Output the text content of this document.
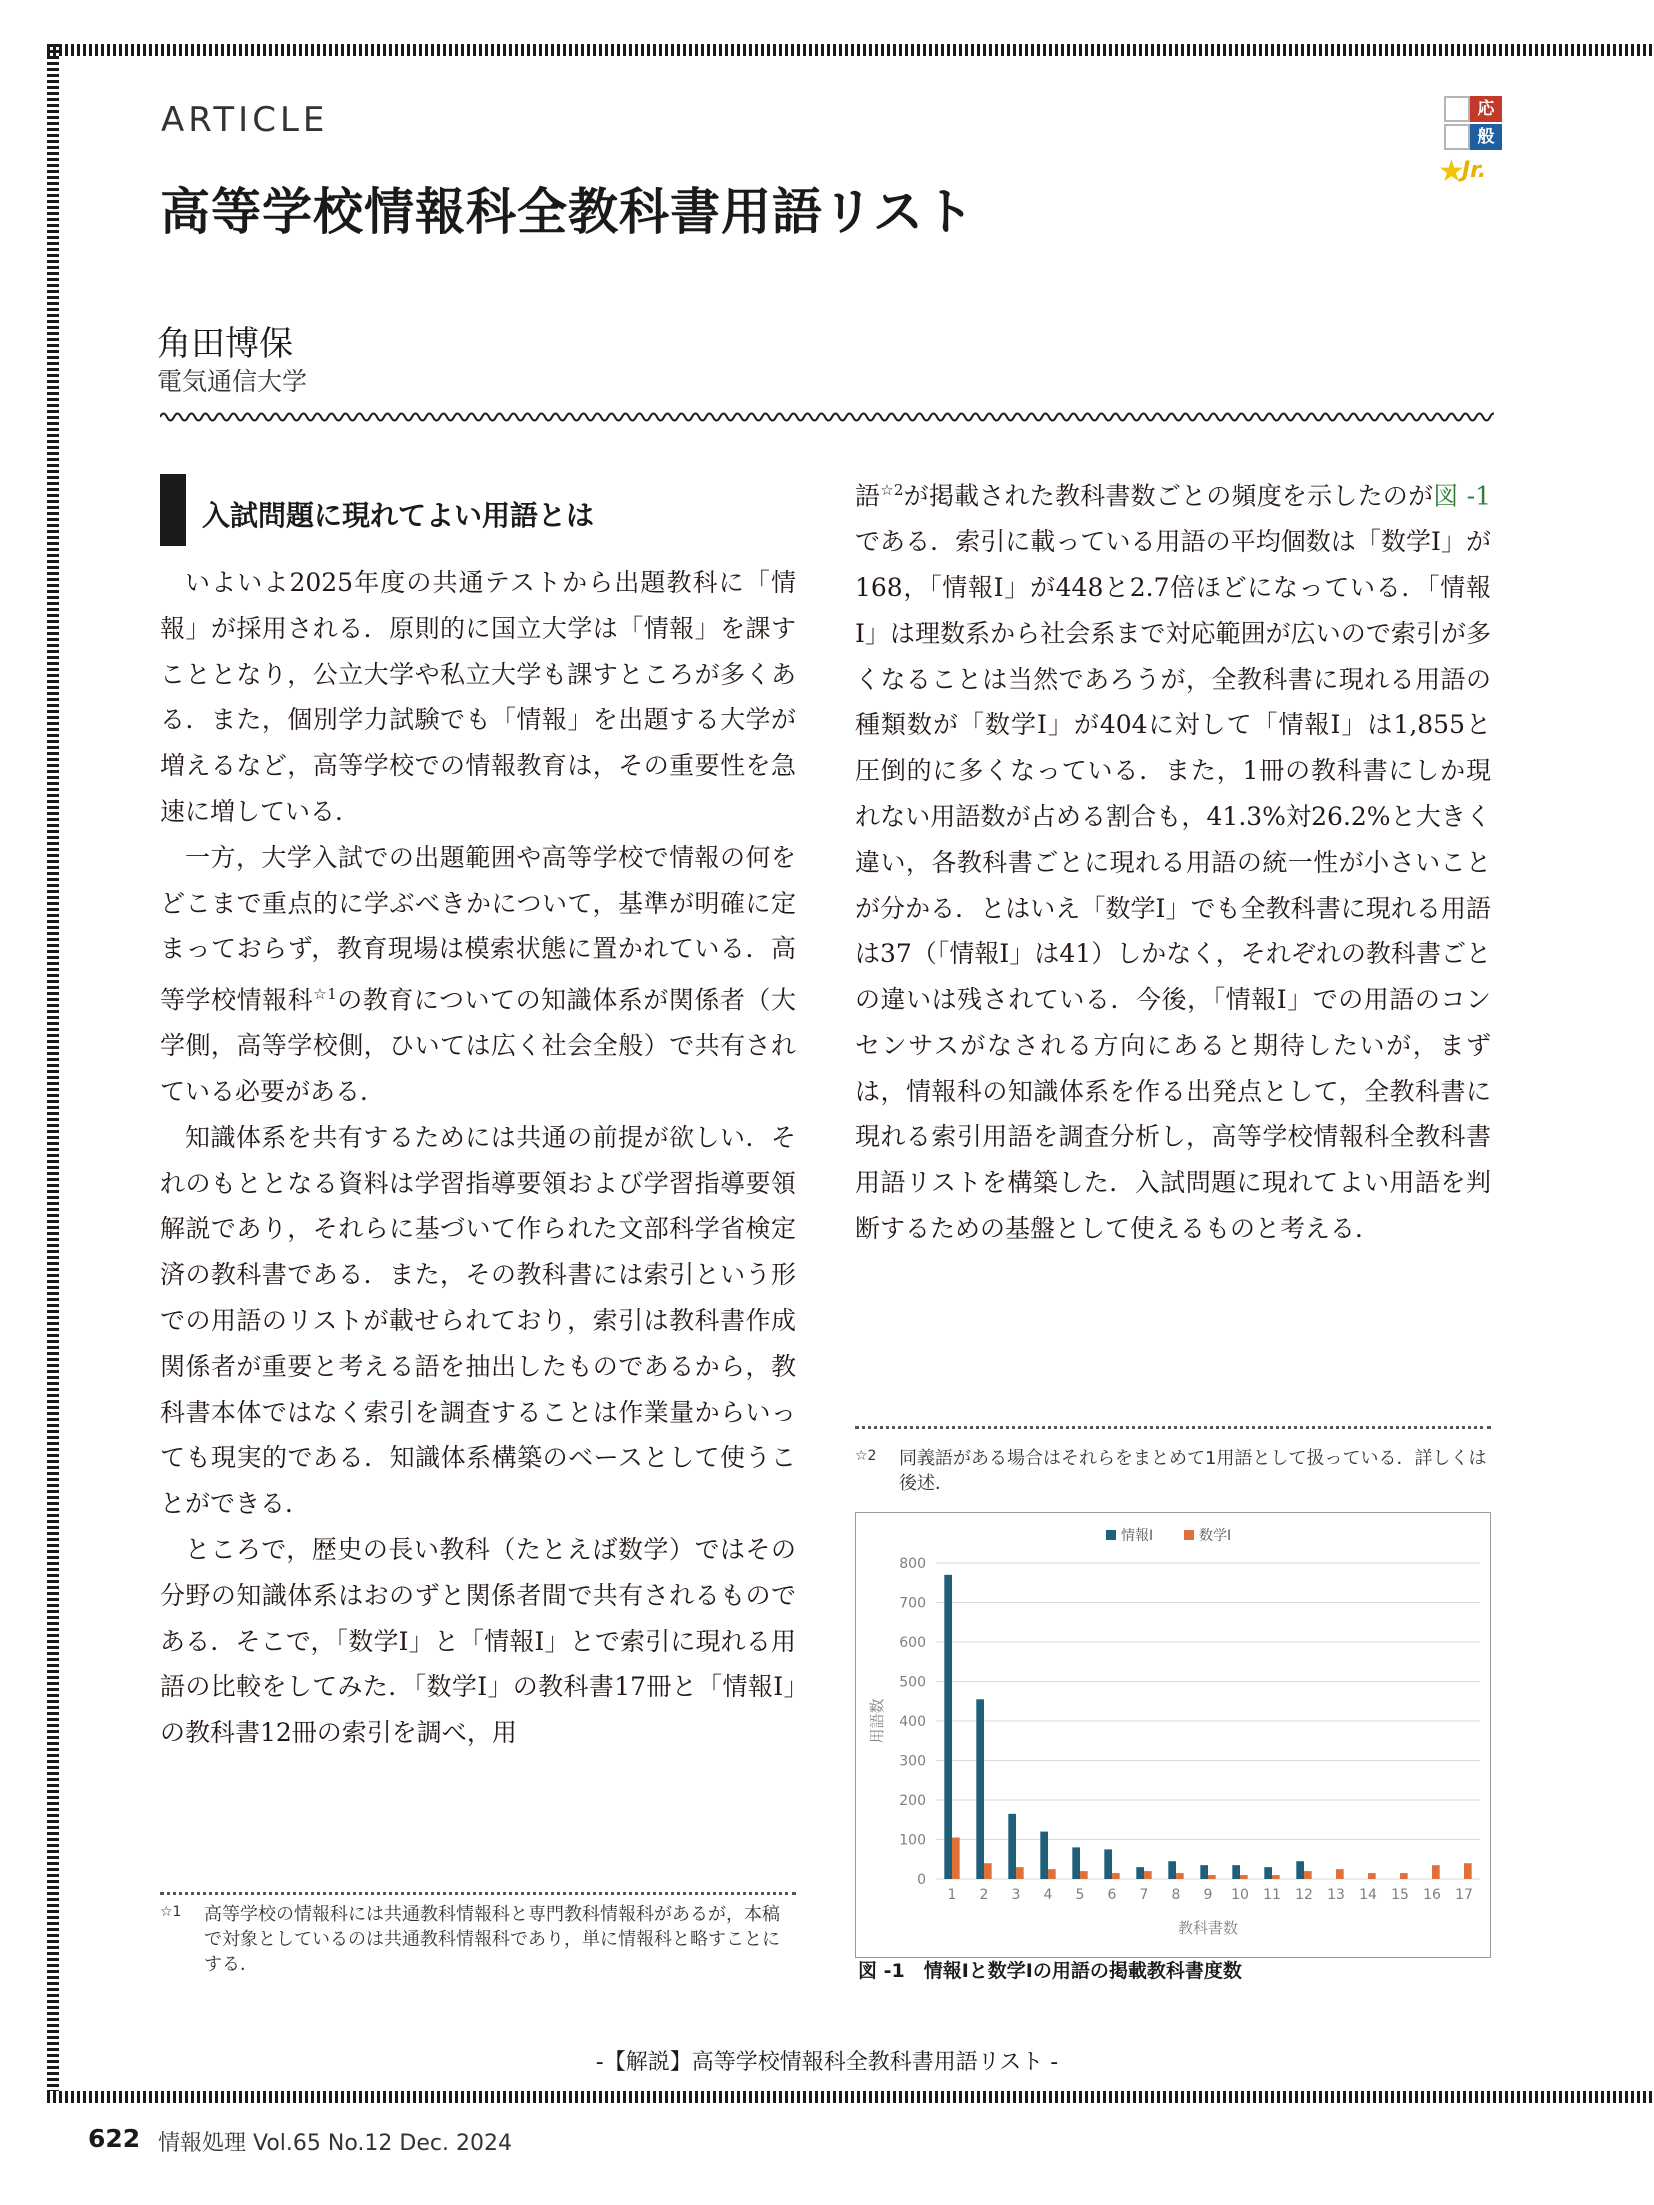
ARTICLE
高等学校情報科全教科書用語リスト
応
般
★
Jr.
角田博保
電気通信大学
入試問題に現れてよい用語とは

いよいよ2025年度の共通テストから出題教科に「情報」が採用される．原則的に国立大学は「情報」を課すこととなり，公立大学や私立大学も課すところが多くある．また，個別学力試験でも「情報」を出題する大学が増えるなど，高等学校での情報教育は，その重要性を急速に増している．

一方，大学入試での出題範囲や高等学校で情報の何をどこまで重点的に学ぶべきかについて，基準が明確に定まっておらず，教育現場は模索状態に置かれている．高等学校情報科$^{☆1}$の教育についての知識体系が関係者（大学側，高等学校側，ひいては広く社会全般）で共有されている必要がある．

知識体系を共有するためには共通の前提が欲しい．それのもととなる資料は学習指導要領および学習指導要領解説であり，それらに基づいて作られた文部科学省検定済の教科書である．また，その教科書には索引という形での用語のリストが載せられており，索引は教科書作成関係者が重要と考える語を抽出したものであるから，教科書本体ではなく索引を調査することは作業量からいっても現実的である．知識体系構築のベースとして使うことができる．

ところで，歴史の長い教科（たとえば数学）ではその分野の知識体系はおのずと関係者間で共有されるものである．そこで，「数学Ⅰ」と「情報Ⅰ」とで索引に現れる用語の比較をしてみた．「数学Ⅰ」の教科書17冊と「情報Ⅰ」の教科書12冊の索引を調べ，用

語$^{☆2}$が掲載された教科書数ごとの頻度を示したのが図 -1である．索引に載っている用語の平均個数は「数学Ⅰ」が168，「情報Ⅰ」が448と2.7倍ほどになっている．「情報Ⅰ」は理数系から社会系まで対応範囲が広いので索引が多くなることは当然であろうが，全教科書に現れる用語の種類数が「数学Ⅰ」が404に対して「情報Ⅰ」は1,855と圧倒的に多くなっている．また，1冊の教科書にしか現れない用語数が占める割合も，41.3%対26.2%と大きく違い，各教科書ごとに現れる用語の統一性が小さいことが分かる．とはいえ「数学Ⅰ」でも全教科書に現れる用語は37（「情報Ⅰ」は41）しかなく，それぞれの教科書ごとの違いは残されている．今後，「情報Ⅰ」での用語のコンセンサスがなされる方向にあると期待したいが，まずは，情報科の知識体系を作る出発点として，全教科書に現れる索引用語を調査分析し，高等学校情報科全教科書用語リストを構築した．入試問題に現れてよい用語を判断するための基盤として使えるものと考える．

☆1 高等学校の情報科には共通教科情報科と専門教科情報科があるが，本稿で対象としているのは共通教科情報科であり，単に情報科と略すことにする．
☆2 同義語がある場合はそれらをまとめて1用語として扱っている．詳しくは後述．
0
100
200
300
400
500
600
700
800
1 2 3 4 5 6 7 8 9 10 11 12 13 14 15 16 17
教科書数
用語数
情報Ⅰ	数学Ⅰ
図 -1　情報Ⅰと数学Ⅰの用語の掲載教科書度数
-【解説】高等学校情報科全教科書用語リスト -
622 情報処理 Vol.65 No.12 Dec. 2024
